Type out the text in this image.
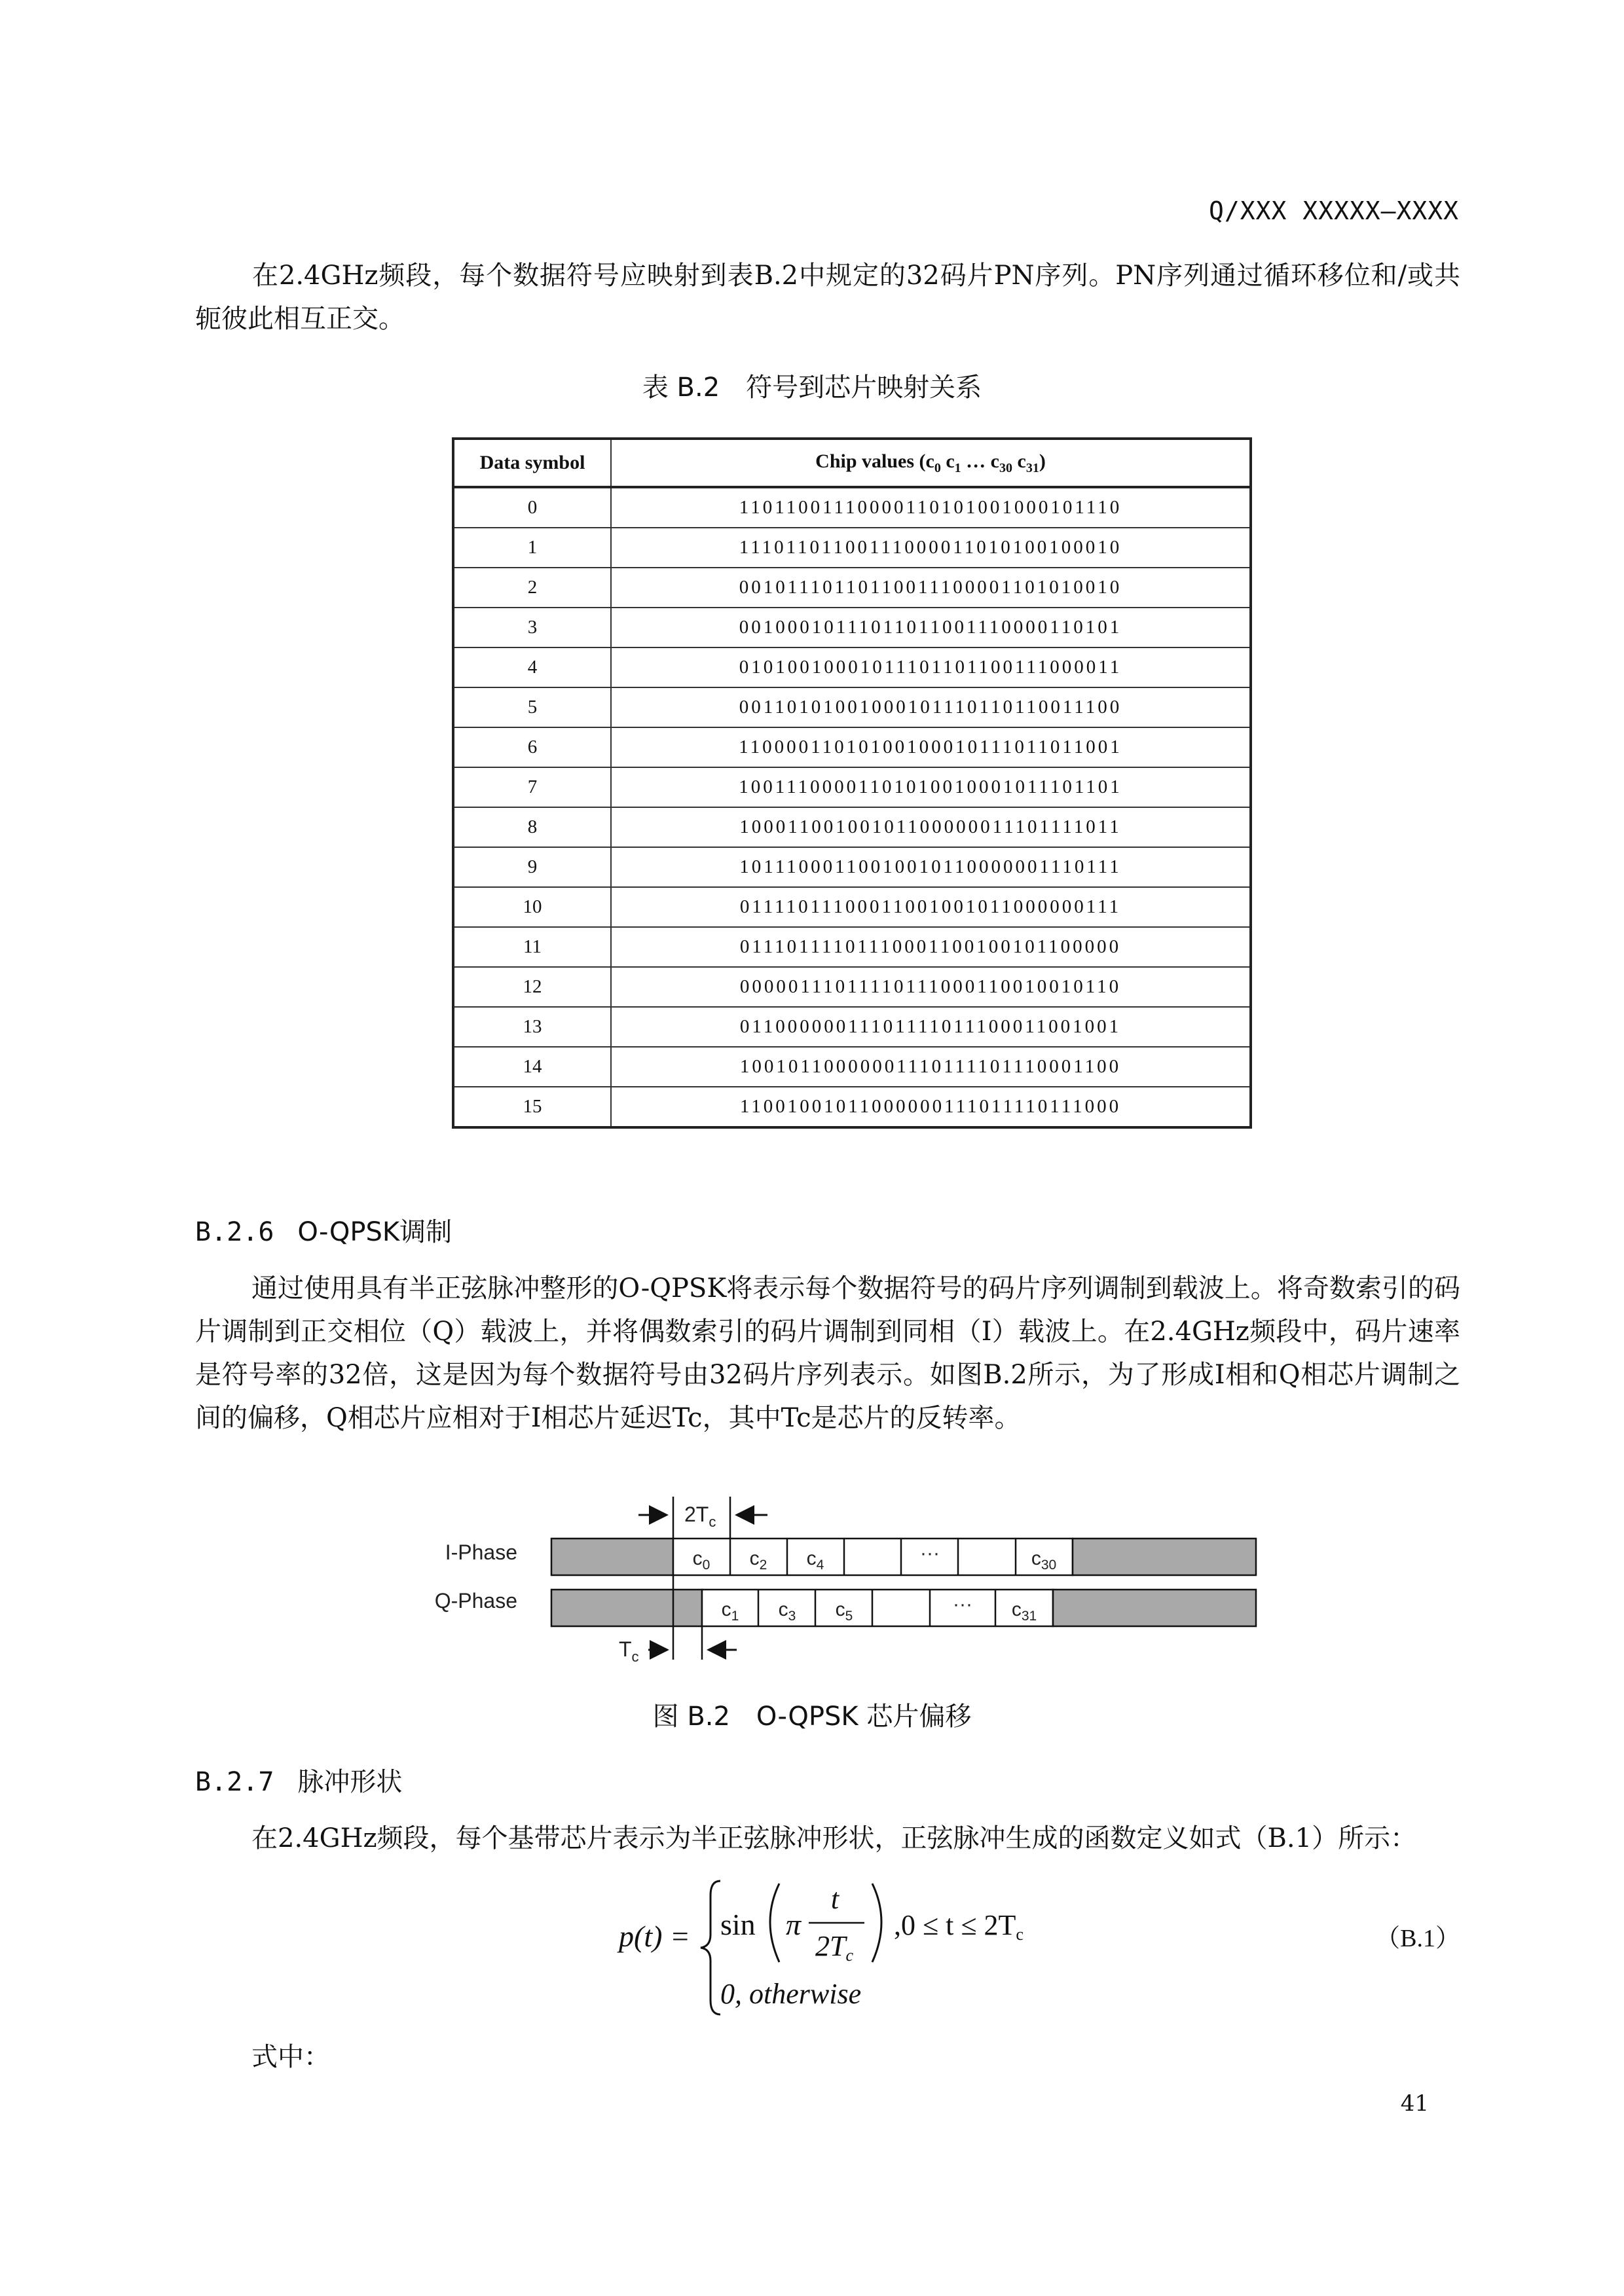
Q/XXX XXXXX—XXXX

在2.4GHz频段，每个数据符号应映射到表B.2中规定的32码片PN序列。PN序列通过循环移位和/或共轭彼此相互正交。

表 B.2　符号到芯片映射关系
Data symbol	Chip values ($c_0$ $c_1$ … $c_{30}$ $c_{31}$)
0	11011001110000110101001000101110
1	11101101100111000011010100100010
2	00101110110110011100001101010010
3	00100010111011011001110000110101
4	01010010001011101101100111000011
5	00110101001000101110110110011100
6	11000011010100100010111011011001
7	10011100001101010010001011101101
8	10001100100101100000011101111011
9	10111000110010010110000001110111
10	01111011100011001001011000000111
11	01110111101110001100100101100000
12	00000111011110111000110010010110
13	01100000011101111011100011001001
14	10010110000001110111101110001100
15	11001001011000000111011110111000
B.2.6 O-QPSK调制

通过使用具有半正弦脉冲整形的O-QPSK将表示每个数据符号的码片序列调制到载波上。将奇数索引的码片调制到正交相位（Q）载波上，并将偶数索引的码片调制到同相（I）载波上。在2.4GHz频段中，码片速率是符号率的32倍，这是因为每个数据符号由32码片序列表示。如图B.2所示，为了形成I相和Q相芯片调制之间的偏移，Q相芯片应相对于I相芯片延迟Tc，其中Tc是芯片的反转率。

$2T_c$
I-Phase	$c_0$ $c_2$ $c_4$
···	$c_{30}$
Q-Phase	$c_1$ $c_3$ $c_5$
··· $c_{31}$
$T_c$
图 B.2　O-QPSK 芯片偏移
B.2.7 脉冲形状

在2.4GHz频段，每个基带芯片表示为半正弦脉冲形状，正弦脉冲生成的函数定义如式（B.1）所示：

p(t) = sin π
t
2Tc
,0 ≤ t ≤ 2Tc
0, otherwise
（B.1）
式中：
41
